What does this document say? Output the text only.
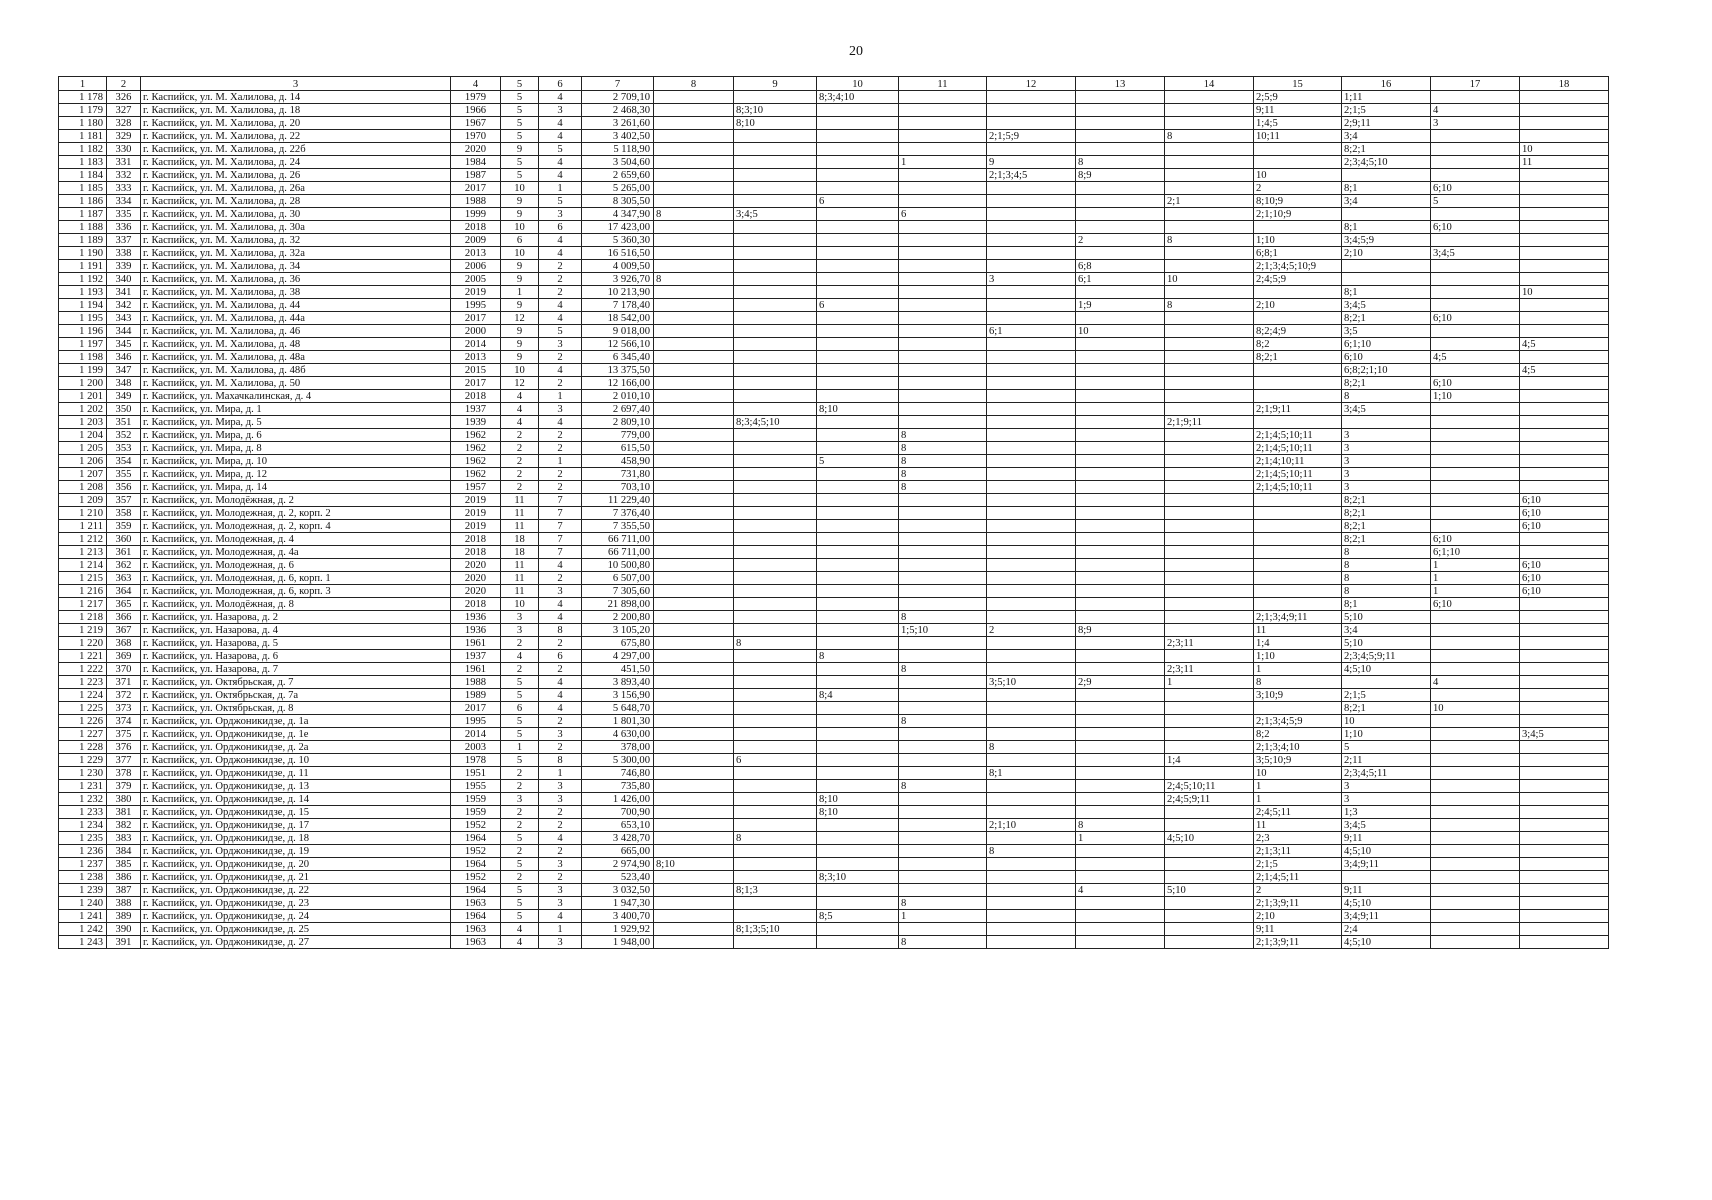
20
1	2	3	4	5	6	7	8	9	10	11	12	13	14	15	16	17	18
1 178	326	г. Каспийск, ул. М. Халилова, д. 14	1979	5	4	2 709,10			8;3;4;10					2;5;9	1;11		
1 179	327	г. Каспийск, ул. М. Халилова, д. 18	1966	5	3	2 468,30		8;3;10						9;11	2;1;5	4	
1 180	328	г. Каспийск, ул. М. Халилова, д. 20	1967	5	4	3 261,60		8;10						1;4;5	2;9;11	3	
1 181	329	г. Каспийск, ул. М. Халилова, д. 22	1970	5	4	3 402,50					2;1;5;9		8	10;11	3;4		
1 182	330	г. Каспийск, ул. М. Халилова, д. 22б	2020	9	5	5 118,90									8;2;1		10
1 183	331	г. Каспийск, ул. М. Халилова, д. 24	1984	5	4	3 504,60				1	9	8			2;3;4;5;10		11
1 184	332	г. Каспийск, ул. М. Халилова, д. 26	1987	5	4	2 659,60					2;1;3;4;5	8;9		10			
1 185	333	г. Каспийск, ул. М. Халилова, д. 26а	2017	10	1	5 265,00								2	8;1	6;10	
1 186	334	г. Каспийск, ул. М. Халилова, д. 28	1988	9	5	8 305,50			6				2;1	8;10;9	3;4	5	
1 187	335	г. Каспийск, ул. М. Халилова, д. 30	1999	9	3	4 347,90	8	3;4;5		6				2;1;10;9			
1 188	336	г. Каспийск, ул. М. Халилова, д. 30а	2018	10	6	17 423,00									8;1	6;10	
1 189	337	г. Каспийск, ул. М. Халилова, д. 32	2009	6	4	5 360,30						2	8	1;10	3;4;5;9		
1 190	338	г. Каспийск, ул. М. Халилова, д. 32а	2013	10	4	16 516,50								6;8;1	2;10	3;4;5	
1 191	339	г. Каспийск, ул. М. Халилова, д. 34	2006	9	2	4 009,50						6;8		2;1;3;4;5;10;9			
1 192	340	г. Каспийск, ул. М. Халилова, д. 36	2005	9	2	3 926,70	8				3	6;1	10	2;4;5;9			
1 193	341	г. Каспийск, ул. М. Халилова, д. 38	2019	1	2	10 213,90									8;1		10
1 194	342	г. Каспийск, ул. М. Халилова, д. 44	1995	9	4	7 178,40			6			1;9	8	2;10	3;4;5		
1 195	343	г. Каспийск, ул. М. Халилова, д. 44а	2017	12	4	18 542,00									8;2;1	6;10	
1 196	344	г. Каспийск, ул. М. Халилова, д. 46	2000	9	5	9 018,00					6;1	10		8;2;4;9	3;5		
1 197	345	г. Каспийск, ул. М. Халилова, д. 48	2014	9	3	12 566,10								8;2	6;1;10		4;5
1 198	346	г. Каспийск, ул. М. Халилова, д. 48а	2013	9	2	6 345,40								8;2;1	6;10	4;5	
1 199	347	г. Каспийск, ул. М. Халилова, д. 48б	2015	10	4	13 375,50									6;8;2;1;10		4;5
1 200	348	г. Каспийск, ул. М. Халилова, д. 50	2017	12	2	12 166,00									8;2;1	6;10	
1 201	349	г. Каспийск, ул. Махачкалинская, д. 4	2018	4	1	2 010,10									8	1;10	
1 202	350	г. Каспийск, ул. Мира, д. 1	1937	4	3	2 697,40			8;10					2;1;9;11	3;4;5		
1 203	351	г. Каспийск, ул. Мира, д. 5	1939	4	4	2 809,10		8;3;4;5;10					2;1;9;11				
1 204	352	г. Каспийск, ул. Мира, д. 6	1962	2	2	779,00				8				2;1;4;5;10;11	3		
1 205	353	г. Каспийск, ул. Мира, д. 8	1962	2	2	615,50				8				2;1;4;5;10;11	3		
1 206	354	г. Каспийск, ул. Мира, д. 10	1962	2	1	458,90			5	8				2;1;4;10;11	3		
1 207	355	г. Каспийск, ул. Мира, д. 12	1962	2	2	731,80				8				2;1;4;5;10;11	3		
1 208	356	г. Каспийск, ул. Мира, д. 14	1957	2	2	703,10				8				2;1;4;5;10;11	3		
1 209	357	г. Каспийск, ул. Молодёжная, д. 2	2019	11	7	11 229,40									8;2;1		6;10
1 210	358	г. Каспийск, ул. Молодежная, д. 2, корп. 2	2019	11	7	7 376,40									8;2;1		6;10
1 211	359	г. Каспийск, ул. Молодежная, д. 2, корп. 4	2019	11	7	7 355,50									8;2;1		6;10
1 212	360	г. Каспийск, ул. Молодежная, д. 4	2018	18	7	66 711,00									8;2;1	6;10	
1 213	361	г. Каспийск, ул. Молодежная, д. 4а	2018	18	7	66 711,00									8	6;1;10	
1 214	362	г. Каспийск, ул. Молодежная, д. 6	2020	11	4	10 500,80									8	1	6;10
1 215	363	г. Каспийск, ул. Молодежная, д. 6, корп. 1	2020	11	2	6 507,00									8	1	6;10
1 216	364	г. Каспийск, ул. Молодежная, д. 6, корп. 3	2020	11	3	7 305,60									8	1	6;10
1 217	365	г. Каспийск, ул. Молодёжная, д. 8	2018	10	4	21 898,00									8;1	6;10	
1 218	366	г. Каспийск, ул. Назарова, д. 2	1936	3	4	2 200,80				8				2;1;3;4;9;11	5;10		
1 219	367	г. Каспийск, ул. Назарова, д. 4	1936	3	8	3 105,20				1;5;10	2	8;9		11	3;4		
1 220	368	г. Каспийск, ул. Назарова, д. 5	1961	2	2	675,80		8					2;3;11	1;4	5;10		
1 221	369	г. Каспийск, ул. Назарова, д. 6	1937	4	6	4 297,00			8					1;10	2;3;4;5;9;11		
1 222	370	г. Каспийск, ул. Назарова, д. 7	1961	2	2	451,50				8			2;3;11	1	4;5;10		
1 223	371	г. Каспийск, ул. Октябрьская, д. 7	1988	5	4	3 893,40					3;5;10	2;9	1	8		4	
1 224	372	г. Каспийск, ул. Октябрьская, д. 7а	1989	5	4	3 156,90			8;4					3;10;9	2;1;5		
1 225	373	г. Каспийск, ул. Октябрьская, д. 8	2017	6	4	5 648,70									8;2;1	10	
1 226	374	г. Каспийск, ул. Орджоникидзе, д. 1а	1995	5	2	1 801,30				8				2;1;3;4;5;9	10		
1 227	375	г. Каспийск, ул. Орджоникидзе, д. 1е	2014	5	3	4 630,00								8;2	1;10		3;4;5
1 228	376	г. Каспийск, ул. Орджоникидзе, д. 2а	2003	1	2	378,00					8			2;1;3;4;10	5		
1 229	377	г. Каспийск, ул. Орджоникидзе, д. 10	1978	5	8	5 300,00		6					1;4	3;5;10;9	2;11		
1 230	378	г. Каспийск, ул. Орджоникидзе, д. 11	1951	2	1	746,80					8;1			10	2;3;4;5;11		
1 231	379	г. Каспийск, ул. Орджоникидзе, д. 13	1955	2	3	735,80				8			2;4;5;10;11	1	3		
1 232	380	г. Каспийск, ул. Орджоникидзе, д. 14	1959	3	3	1 426,00			8;10				2;4;5;9;11	1	3		
1 233	381	г. Каспийск, ул. Орджоникидзе, д. 15	1959	2	2	700,90			8;10					2;4;5;11	1;3		
1 234	382	г. Каспийск, ул. Орджоникидзе, д. 17	1952	2	2	653,10					2;1;10	8		11	3;4;5		
1 235	383	г. Каспийск, ул. Орджоникидзе, д. 18	1964	5	4	3 428,70		8				1	4;5;10	2;3	9;11		
1 236	384	г. Каспийск, ул. Орджоникидзе, д. 19	1952	2	2	665,00					8			2;1;3;11	4;5;10		
1 237	385	г. Каспийск, ул. Орджоникидзе, д. 20	1964	5	3	2 974,90	8;10							2;1;5	3;4;9;11		
1 238	386	г. Каспийск, ул. Орджоникидзе, д. 21	1952	2	2	523,40			8;3;10					2;1;4;5;11			
1 239	387	г. Каспийск, ул. Орджоникидзе, д. 22	1964	5	3	3 032,50		8;1;3				4	5;10	2	9;11		
1 240	388	г. Каспийск, ул. Орджоникидзе, д. 23	1963	5	3	1 947,30				8				2;1;3;9;11	4;5;10		
1 241	389	г. Каспийск, ул. Орджоникидзе, д. 24	1964	5	4	3 400,70			8;5	1				2;10	3;4;9;11		
1 242	390	г. Каспийск, ул. Орджоникидзе, д. 25	1963	4	1	1 929,92		8;1;3;5;10						9;11	2;4		
1 243	391	г. Каспийск, ул. Орджоникидзе, д. 27	1963	4	3	1 948,00				8				2;1;3;9;11	4;5;10		
